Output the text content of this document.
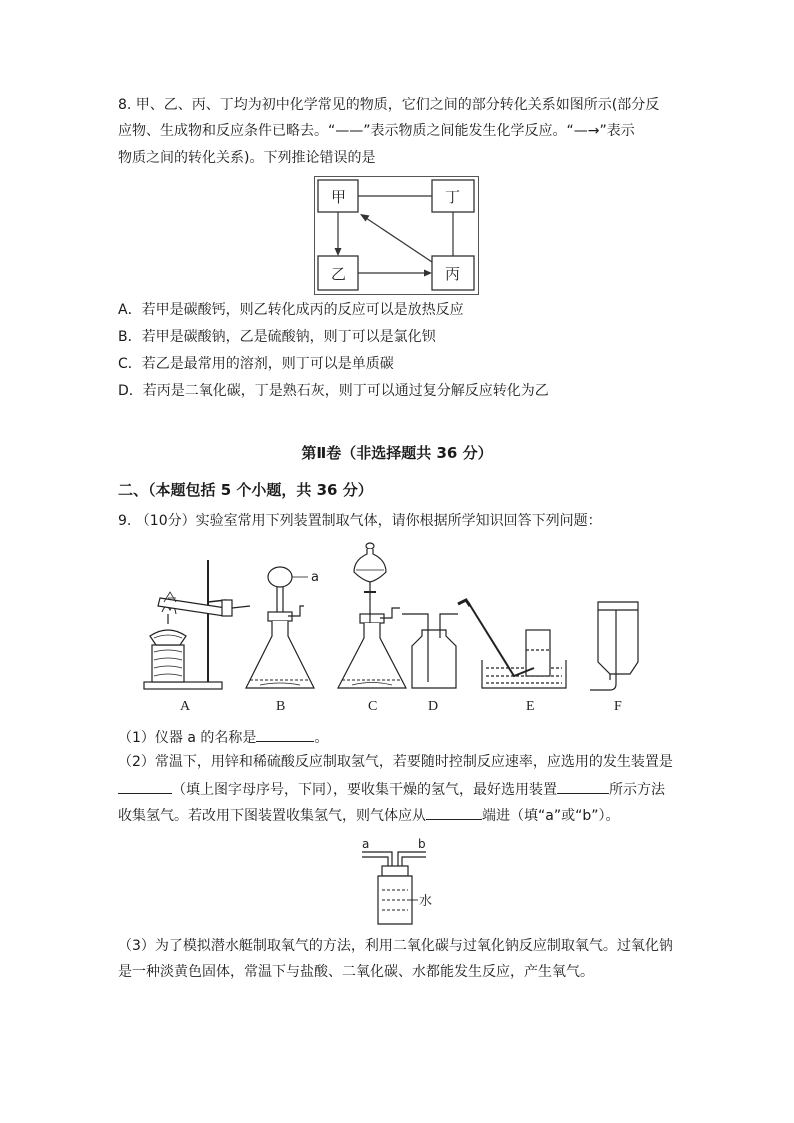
8. 甲、乙、丙、丁均为初中化学常见的物质，它们之间的部分转化关系如图所示(部分反
应物、生成物和反应条件已略去。“——”表示物质之间能发生化学反应。“—→”表示
物质之间的转化关系)。下列推论错误的是
甲	丁
乙	丙
A．若甲是碳酸钙，则乙转化成丙的反应可以是放热反应
B．若甲是碳酸钠，乙是硫酸钠，则丁可以是氯化钡
C．若乙是最常用的溶剂，则丁可以是单质碳
D．若丙是二氧化碳，丁是熟石灰，则丁可以通过复分解反应转化为乙
第Ⅱ卷（非选择题共 36 分）
二、（本题包括 5 个小题，共 36 分）
9. （10分）实验室常用下列装置制取气体，请你根据所学知识回答下列问题：
a
A	B	C	D	E	F
（1）仪器 a 的名称是	。
（2）常温下，用锌和稀硫酸反应制取氢气，若要随时控制反应速率，应选用的发生装置是
（填上图字母序号，下同），要收集干燥的氢气，最好选用装置	所示方法
收集氢气。若改用下图装置收集氢气，则气体应从	端进（填“a”或“b”）。
a	b
水
（3）为了模拟潜水艇制取氧气的方法，利用二氧化碳与过氧化钠反应制取氧气。过氧化钠
是一种淡黄色固体，常温下与盐酸、二氧化碳、水都能发生反应，产生氧气。
